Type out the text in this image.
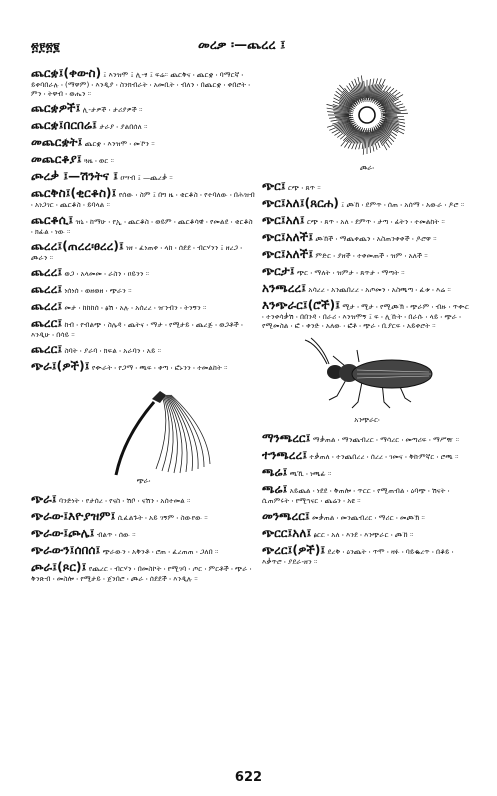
፳፻፳፪	መረቃ ፡—ጨረረ ፤
ጨርቋ፤(ቀውስ) ፤ እንዝሞ ፤ ሊ-ፃ ፤ ፍሬ። ጨርቅና ፡ ጨርቋ ፡ ባማርኛ ፡ ይቀባበራሉ ፡ (ማዋም) ፡ እንዲያ ፡ ስንክብራት ፡ አመቢት ፡ ብለን ፡ በጨርቋ ፡ ቀበሮት ፡ ምን ፡ ትዋብ ፡ ወሔን ።
ጨርቋዎች፤ ሊ-ታዎች ፡ ታሪያዎች ።
ጨርቋ፤በርበሬ፤ ታራያ ፡ ያልበሰለ ።
መጨርቋት፤ ጨርቋ ፡ እንዝሞ ፡ መኾን ።
መጨርቆያ፤ ጓዜ ፡ ወር ።
ጮረቃ ፤—ሽንትና ፤ ዐሣብ ፤ —ጨረቃ ።
ጨርቅስ፤(ቂርቆስ)፤ የሰው ፡ ስም ፤ በግ ዜ ፡ ቂርቆስ ፡ የተባለው ፡ በሕዝብ ፡ አነጋገር ፡ ጨርቆስ ፡ ይባላል ።
ጨርቆሲ፤ ዝኒ ፡ ከማሁ ፡ የኢ ፡ ጨርቆስ ፡ ወይም ፡ ጨርቆሳዊ ፡ የመልደ ፡ ቂርቆስ ፡ ክፊል ፡ ነው ።
ጨረረ፤(ጠረረ፡ፀረረ)፤ ነዘ ፡ ፈነጠቀ ፡ ላከ ፡ ሰደደ ፡ ብርሃንን ፤ ዘረጋ ፡ ጮራን ።
ጨረረ፤ ወጋ ፡ አላመመ ፡ ራስን ፡ ዐይንን ።
ጨረረ፤ ነሰነሰ ፡ ወዘወዘ ፡ ጭራን ።
ጨረረ፤ መታ ፡ ከከከሰ ፡ ፅሽ ፡ አሉ ፡ አሰረረ ፡ ዠንብን ፡ ትንኝን ።
ጨረር፤ ከብ ፡ የብልጭ ፡ ስሌዳ ፡ ጨትና ፡ ማታ ፡ የሚታይ ፡ ጨረጅ ፡ ወጋቶች ፡ እንዲሁ ፡ በሳይ ።
ጨረር፤ ስባት ፡ ያራባ ፡ ክፍል ፡ አራባን ፡ አይ ።
ጭራ፤(ዎች)፤ የቍራት ፡ የጋማ ፡ ጫፍ ፡ ቀጣ ፡ ፎኑንን ፡ ተመልከት ።
ጭራ፡
ጭራ፤ ባንድነት ፡ የታሰረ ፡ የናስ ፡ ሽቦ ፡ ናሽን ፡ አሰተመል ።
ጭራው፤እዮያዝም፤ ሲፈልጉት ፡ አይ ገኝም ፡ ስውየው ።
ጭራው፤ጮሌ፤ ብልጥ ፡ ሰው ።
ጭራውን፤ሰበሰ፤ ጭራውን ፡ አቅንቶ ፡ ሮጠ ፡ ፈረጠጠ ፡ ጋለበ ።
ጮራ፤(ጾር)፤ የጨረር ፡ ብርሃን ፡ በመስኮት ፡ የሚገባ ፡ ጦር ፡ ምርቶች ፡ ጭራ ፡ ቅንጽብ ፡ መስሎ ፡ የሚታይ ፡ ጀንበሮ ፡ ጮራ ፡ ሰደደች ፡ እንዲሉ ።
ጮራ፡
ጭር፤ ርጭ ፡ ጸጥ ።
ጭር፤አለ፤(ጸርሐ) ፤ ጮኸ ፡ ደምጥ ፡ ሰጠ ፡ አሰማ ፡ አውራ ፡ ዶሮ ።
ጭር፤አለ፤ ርጭ ፡ ጸጥ ፡ አለ ፡ ደምጥ ፡ ታጣ ፡ ፊትን ፡ ተመልከት ።
ጭር፤አለች፤ ጮኸች ፡ ማጨቀጨን ፡ አስጠንቀቀች ፡ ዶሮዋ ።
ጭር፤አለች፤ ምድር ፡ ያዘች ፡ ተቀመጠች ፡ ዝም ፡ አለች ።
ጭርታ፤ ጭር ፡ ማለት ፡ ዝምታ ፡ ጸጥታ ፡ ማጣት ።
አንጫረረ፤ አሳረረ ፡ አንጨበረረ ፡ አጦመን ፡ አስጫጣ ፡ ፈቱ ፡ እሬ ።
እንጭራር፤(ሮች)፤ ሚታ ፡ ሚታ ፡ የሚጮኽ ፡ ጭራም ፡ ብዙ ፡ ጥቍር ፡ ተንቀሳቃሽ ፡ በበንዳ ፡ በራሪ ፡ እንዝሞኝ ፤ ፍ ፡ ሊኹት ፡ በራሱ ፡ ላይ ፡ ጭራ ፡ የሚመስል ፡ ፎ ፡ ቀንድ ፡ አለው ፡ ፎቶ ፡ ጭራ ፡ ቢያርፍ ፡ አይቀሮት ።
አንጭራር፡
ማንጫረር፤ ማቃጠል ፡ ማንጨብረር ፡ ማሳረር ፡ መጣሪፍ ፡ ማሥዥ ።
ተንጫረረ፤ ተቃጠለ ፡ ተንጨበረረ ፡ ሰረረ ፡ ገመና ፡ ቅኩምኛር ፡ ሮጫ ።
ጫሬ፤ ጫኺ ፡ ነጫፊ ።
ጫሬ፤ አይጨል ፡ ነደደ ፡ ቅጠሎ ፡ ጥርር ፡ የሚጠብል ፡ ዕባጭ ፡ ሽናት ፡ ሲጠምሩት ፡ የሚኀናር ፡ ጨሬን ፡ አዩ ።
መንጫረር፤ መቃጠል ፡ መንጨብረር ፡ ማሪር ፡ መጮኽ ።
ጭርር፤አለ፤ ፅርር ፡ አለ ፡ እንደ ፡ እንጭራር ፡ ጮኸ ።
ጭረር፤(ዎች)፤ ደረቅ ፡ ዕንጨት ፡ ጥሞ ፡ ዛፉ ፡ ባይቈረጥ ፡ በቆይ ፡ እቃጥሮ ፡ ያደራ-ዘን ።
622
